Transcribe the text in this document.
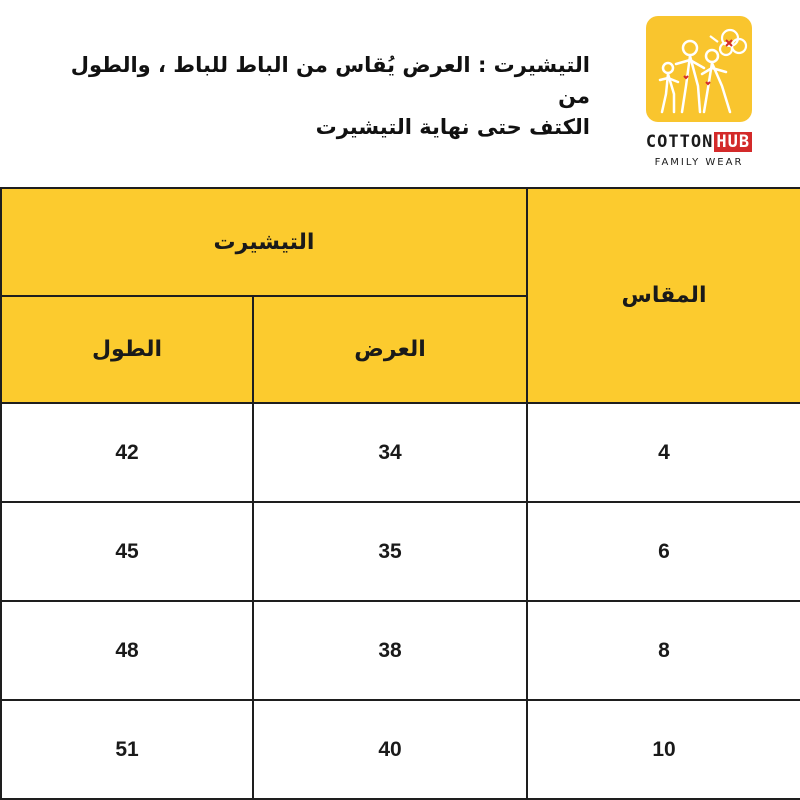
التيشيرت : العرض يُقاس من الباط للباط ، والطول من
الكتف حتى نهاية التيشيرت
COTTON HUB
FAMILY WEAR
المقاس	التيشيرت	
	العرض	الطول
4	34	42
6	35	45
8	38	48
10	40	51
